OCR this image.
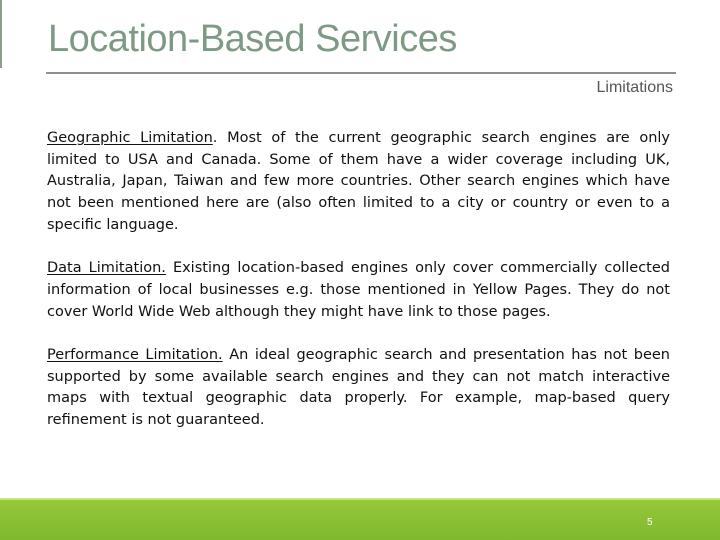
Location-Based Services
Limitations

Geographic Limitation. Most of the current geographic search engines are only limited to USA and Canada. Some of them have a wider coverage including UK, Australia, Japan, Taiwan and few more countries. Other search engines which have not been mentioned here are (also often limited to a city or country or even to a specific language.

Data Limitation. Existing location-based engines only cover commercially collected information of local businesses e.g. those mentioned in Yellow Pages. They do not cover World Wide Web although they might have link to those pages.

Performance Limitation. An ideal geographic search and presentation has not been supported by some available search engines and they can not match interactive maps with textual geographic data properly. For example, map-based query refinement is not guaranteed.

5
